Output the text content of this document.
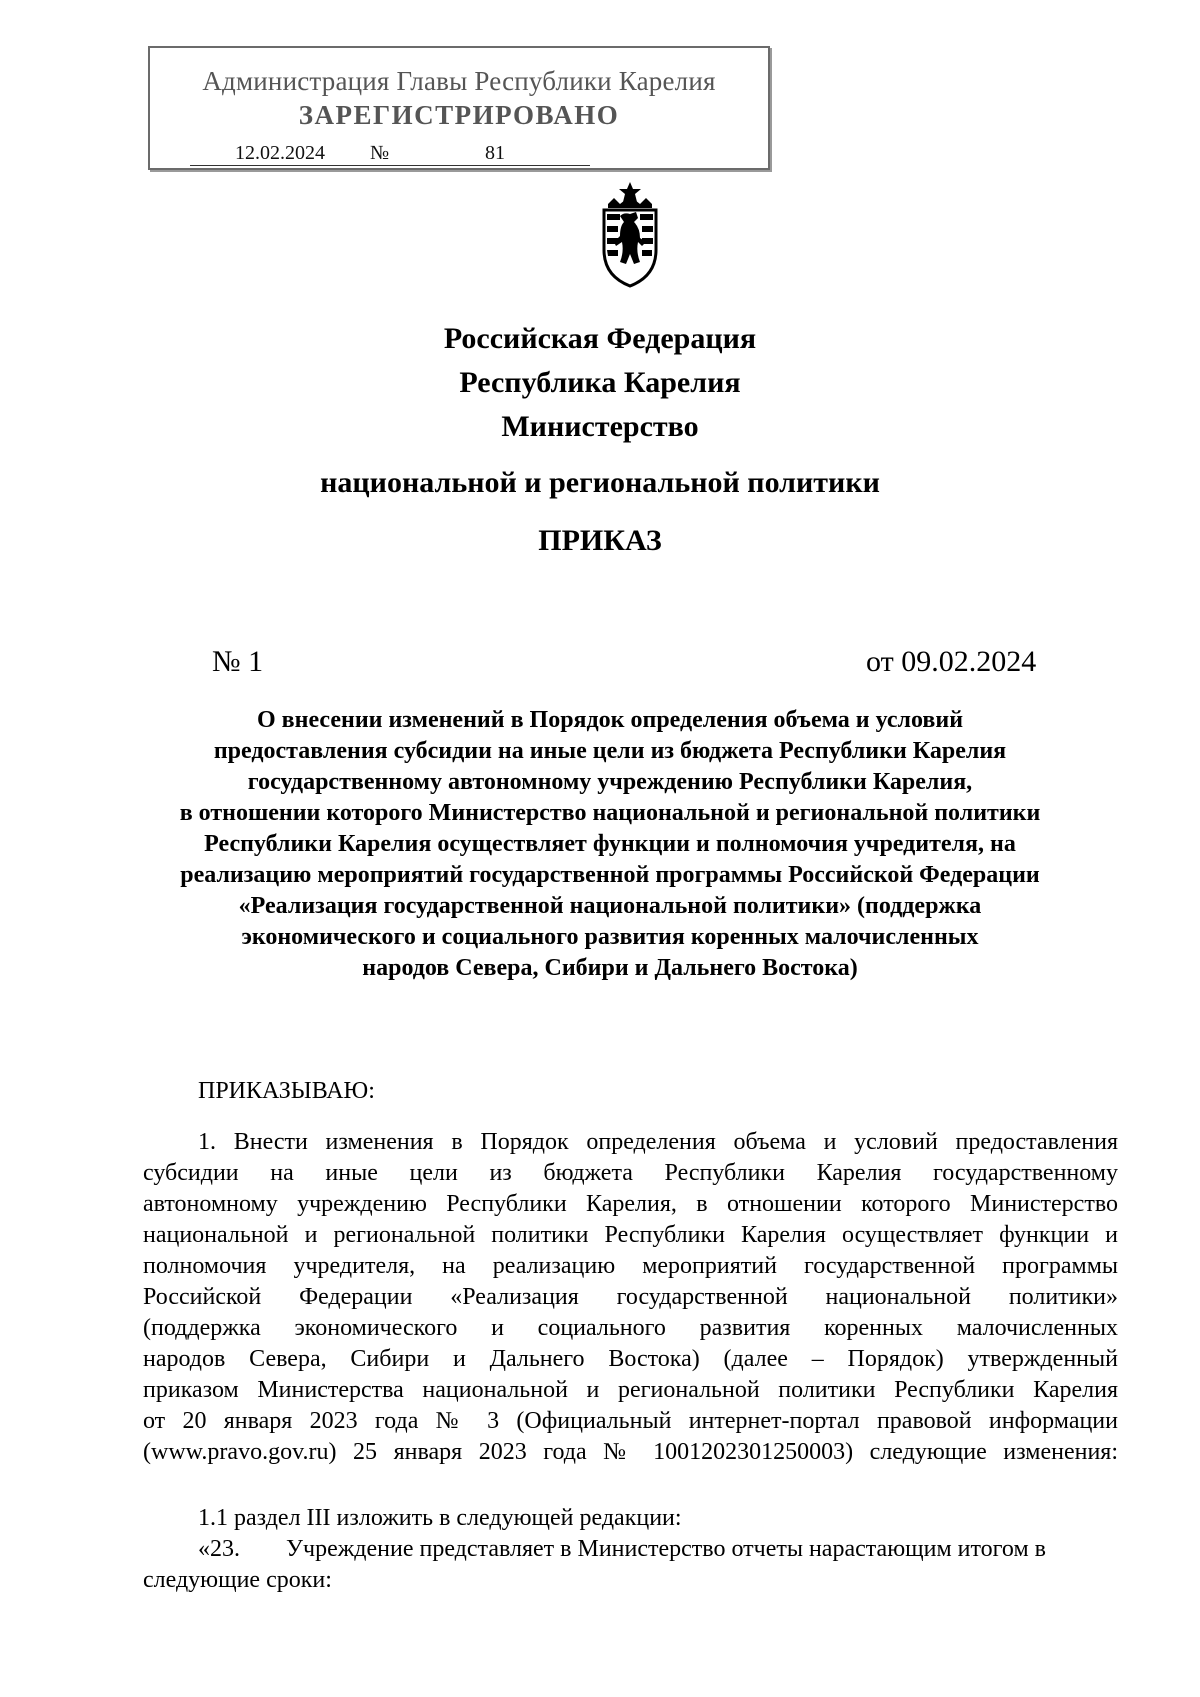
Администрация Главы Республики Карелия
ЗАРЕГИСТРИРОВАНО
12.02.2024 №	81
Российская Федерация
Республика Карелия
Министерство
национальной и региональной политики
ПРИКАЗ
№ 1	от 09.02.2024
О внесении изменений в Порядок определения объема и условий
предоставления субсидии на иные цели из бюджета Республики Карелия
государственному автономному учреждению Республики Карелия,
в отношении которого Министерство национальной и региональной политики
Республики Карелия осуществляет функции и полномочия учредителя, на
реализацию мероприятий государственной программы Российской Федерации
«Реализация государственной национальной политики» (поддержка
экономического и социального развития коренных малочисленных
народов Севера, Сибири и Дальнего Востока)
ПРИКАЗЫВАЮ:
1. Внести изменения в Порядок определения объема и условий предоставления
субсидии на иные цели из бюджета Республики Карелия государственному
автономному учреждению Республики Карелия, в отношении которого Министерство
национальной и региональной политики Республики Карелия осуществляет функции и
полномочия учредителя, на реализацию мероприятий государственной программы
Российской Федерации «Реализация государственной национальной политики»
(поддержка экономического и социального развития коренных малочисленных
народов Севера, Сибири и Дальнего Востока) (далее – Порядок) утвержденный
приказом Министерства национальной и региональной политики Республики Карелия
от 20 января 2023 года № 3 (Официальный интернет-портал правовой информации
(www.pravo.gov.ru) 25 января 2023 года № 1001202301250003) следующие изменения:
1.1 раздел III изложить в следующей редакции:
«23. Учреждение представляет в Министерство отчеты нарастающим итогом в
следующие сроки:
